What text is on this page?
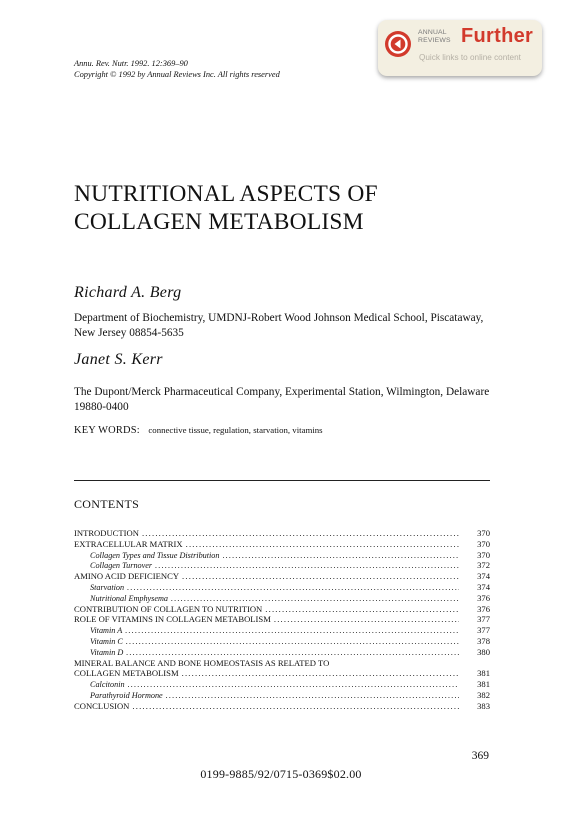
Annu. Rev. Nutr. 1992. 12:369–90
Copyright © 1992 by Annual Reviews Inc. All rights reserved
ANNUAL
REVIEWS Further
Quick links to online content
NUTRITIONAL ASPECTS OF
COLLAGEN METABOLISM
Richard A. Berg
Department of Biochemistry, UMDNJ-Robert Wood Johnson Medical School, Piscataway, New Jersey 08854-5635
Janet S. Kerr
The Dupont/Merck Pharmaceutical Company, Experimental Station, Wilmington, Delaware 19880-0400
KEY WORDS: connective tissue, regulation, starvation, vitamins
CONTENTS
INTRODUCTION .....	370
EXTRACELLULAR MATRIX .....	370
Collagen Types and Tissue Distribution .....	370
Collagen Turnover .....	372
AMINO ACID DEFICIENCY .....	374
Starvation .....	374
Nutritional Emphysema .....	376
CONTRIBUTION OF COLLAGEN TO NUTRITION .....	376
ROLE OF VITAMINS IN COLLAGEN METABOLISM .....	377
Vitamin A .....	377
Vitamin C .....	378
Vitamin D .....	380
MINERAL BALANCE AND BONE HOMEOSTASIS AS RELATED TO
COLLAGEN METABOLISM .....	381
Calcitonin .....	381
Parathyroid Hormone .....	382
CONCLUSION .....	383
369
0199-9885/92/0715-0369$02.00
